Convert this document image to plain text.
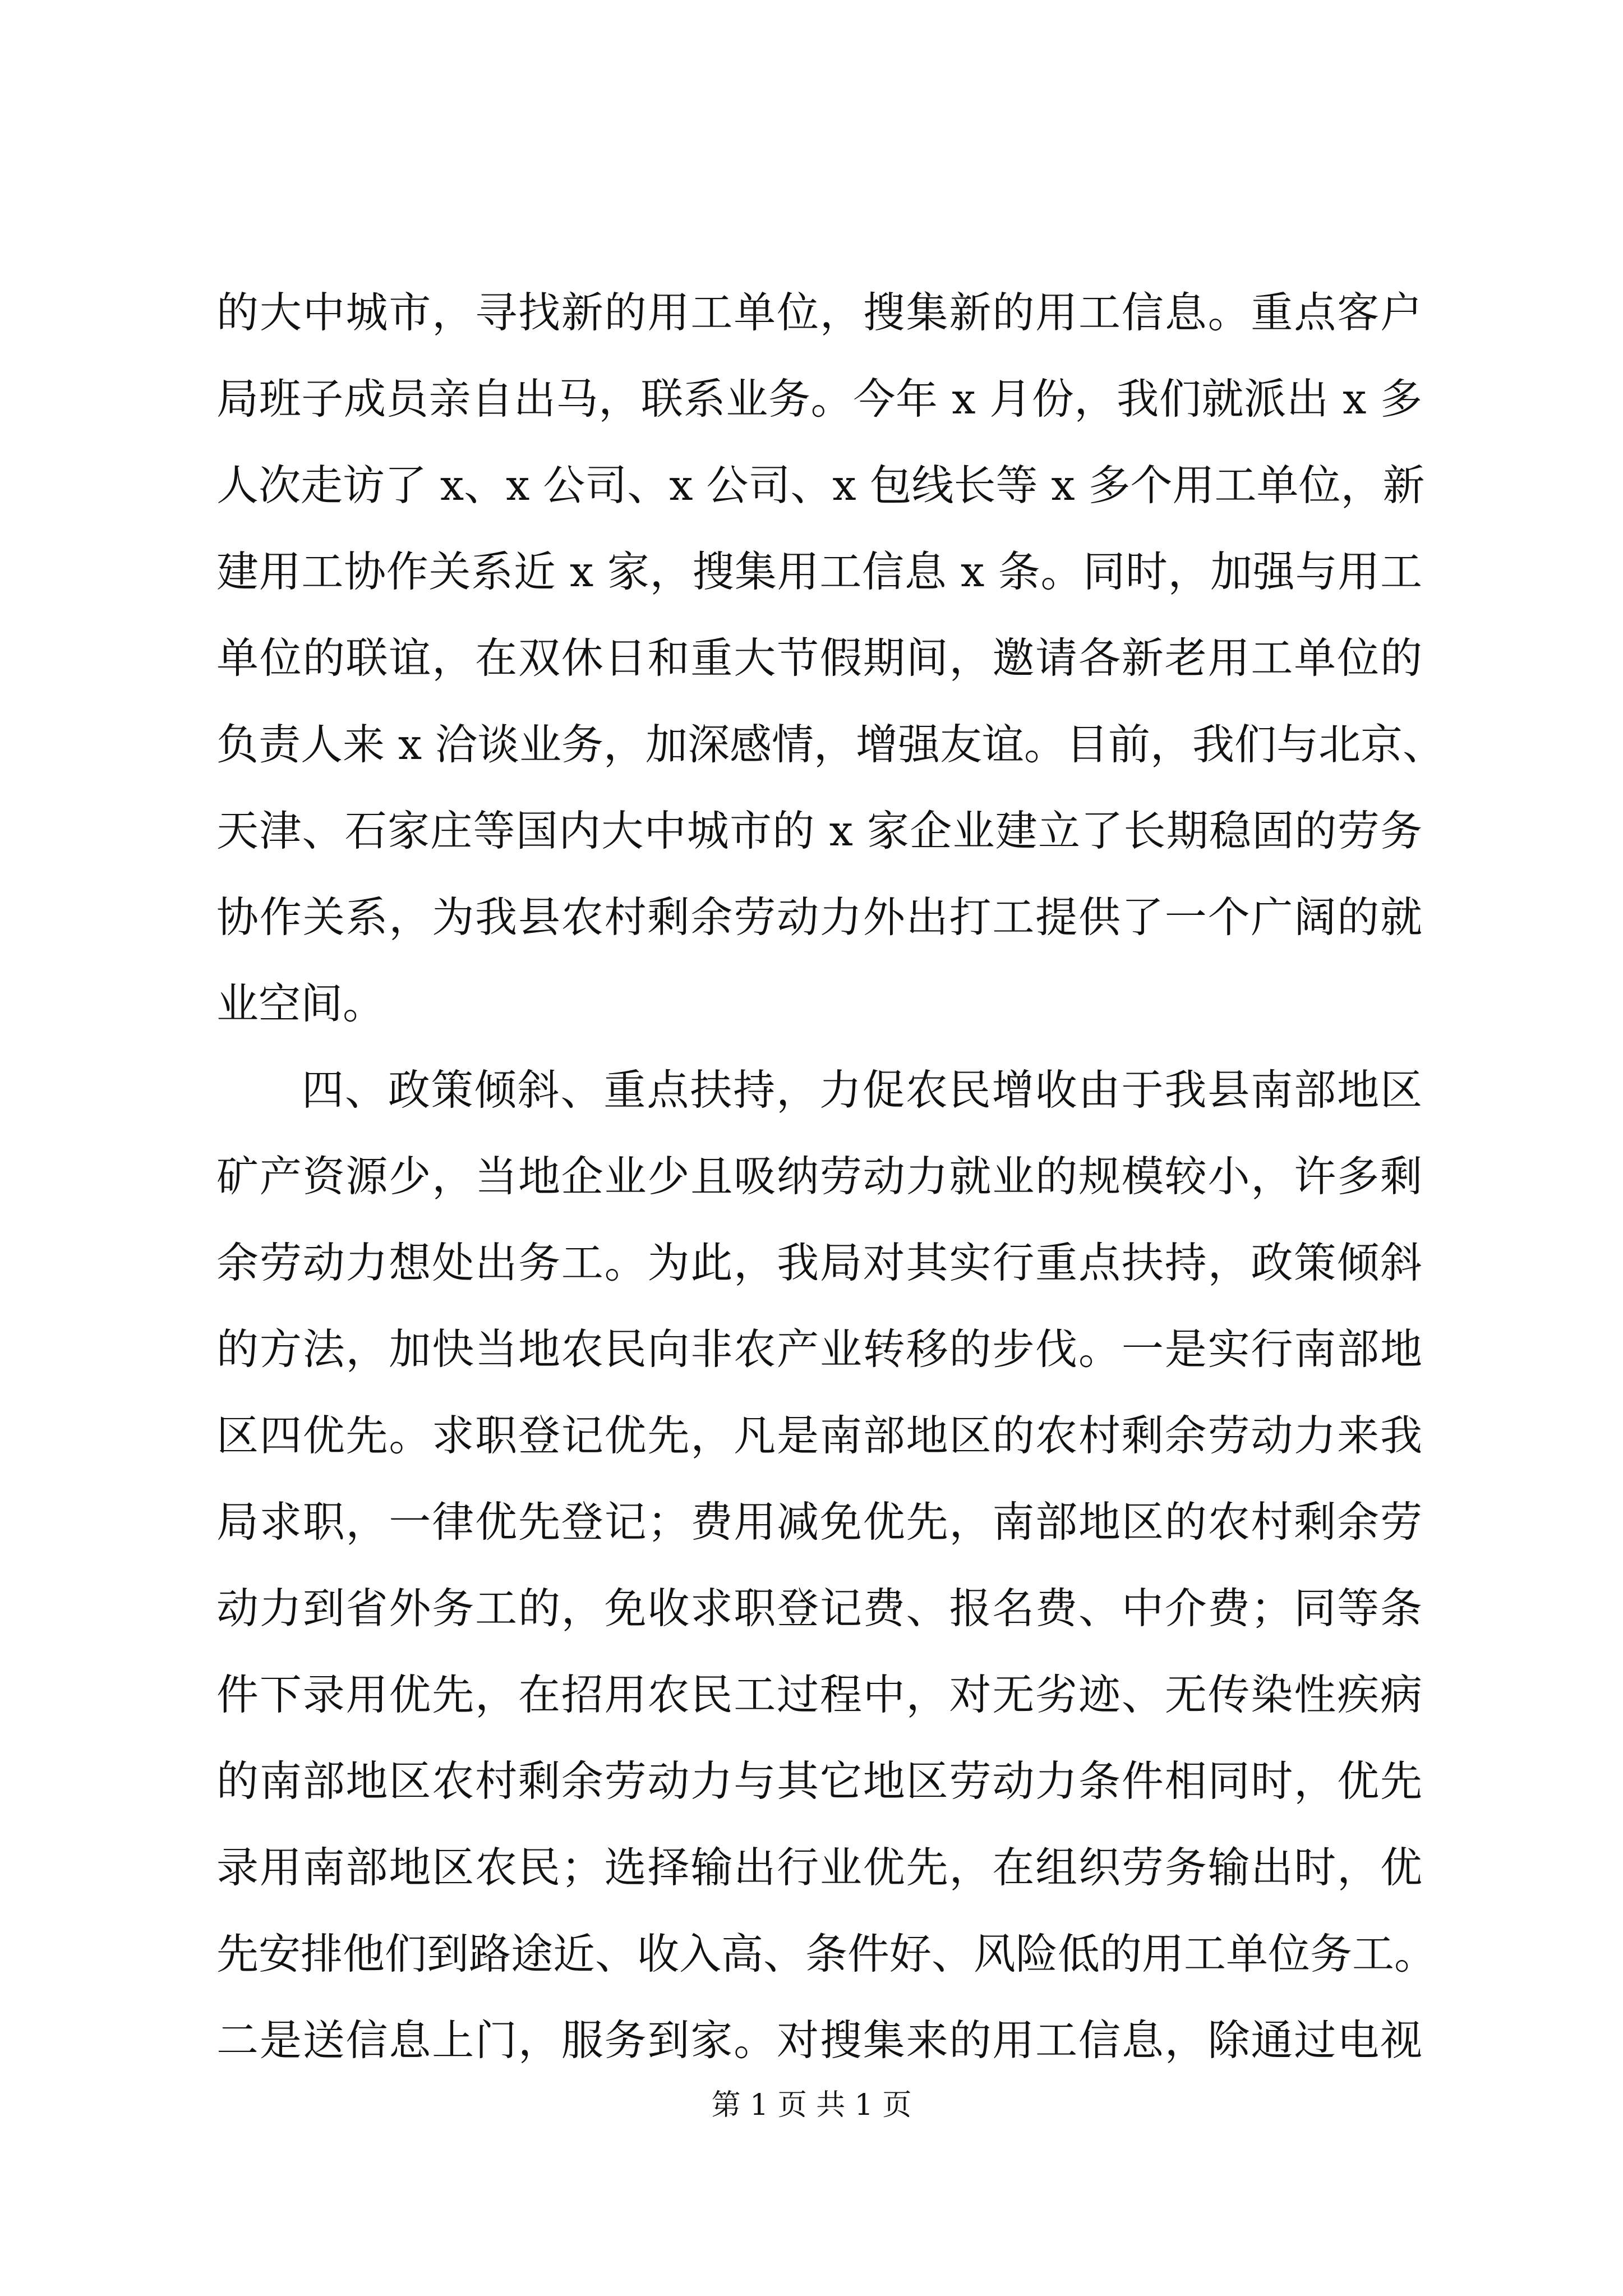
的大中城市，寻找新的用工单位，搜集新的用工信息。重点客户
局班子成员亲自出马，联系业务。今年 x 月份，我们就派出 x 多
人次走访了 x、x 公司、x 公司、x 包线长等 x 多个用工单位，新
建用工协作关系近 x 家，搜集用工信息 x 条。同时，加强与用工
单位的联谊，在双休日和重大节假期间，邀请各新老用工单位的
负责人来 x 洽谈业务，加深感情，增强友谊。目前，我们与北京、
天津、石家庄等国内大中城市的 x 家企业建立了长期稳固的劳务
协作关系，为我县农村剩余劳动力外出打工提供了一个广阔的就
业空间。
四、政策倾斜、重点扶持，力促农民增收由于我县南部地区
矿产资源少，当地企业少且吸纳劳动力就业的规模较小，许多剩
余劳动力想处出务工。为此，我局对其实行重点扶持，政策倾斜
的方法，加快当地农民向非农产业转移的步伐。一是实行南部地
区四优先。求职登记优先，凡是南部地区的农村剩余劳动力来我
局求职，一律优先登记；费用减免优先，南部地区的农村剩余劳
动力到省外务工的，免收求职登记费、报名费、中介费；同等条
件下录用优先，在招用农民工过程中，对无劣迹、无传染性疾病
的南部地区农村剩余劳动力与其它地区劳动力条件相同时，优先
录用南部地区农民；选择输出行业优先，在组织劳务输出时，优
先安排他们到路途近、收入高、条件好、风险低的用工单位务工。
二是送信息上门，服务到家。对搜集来的用工信息，除通过电视
第 1 页 共 1 页
